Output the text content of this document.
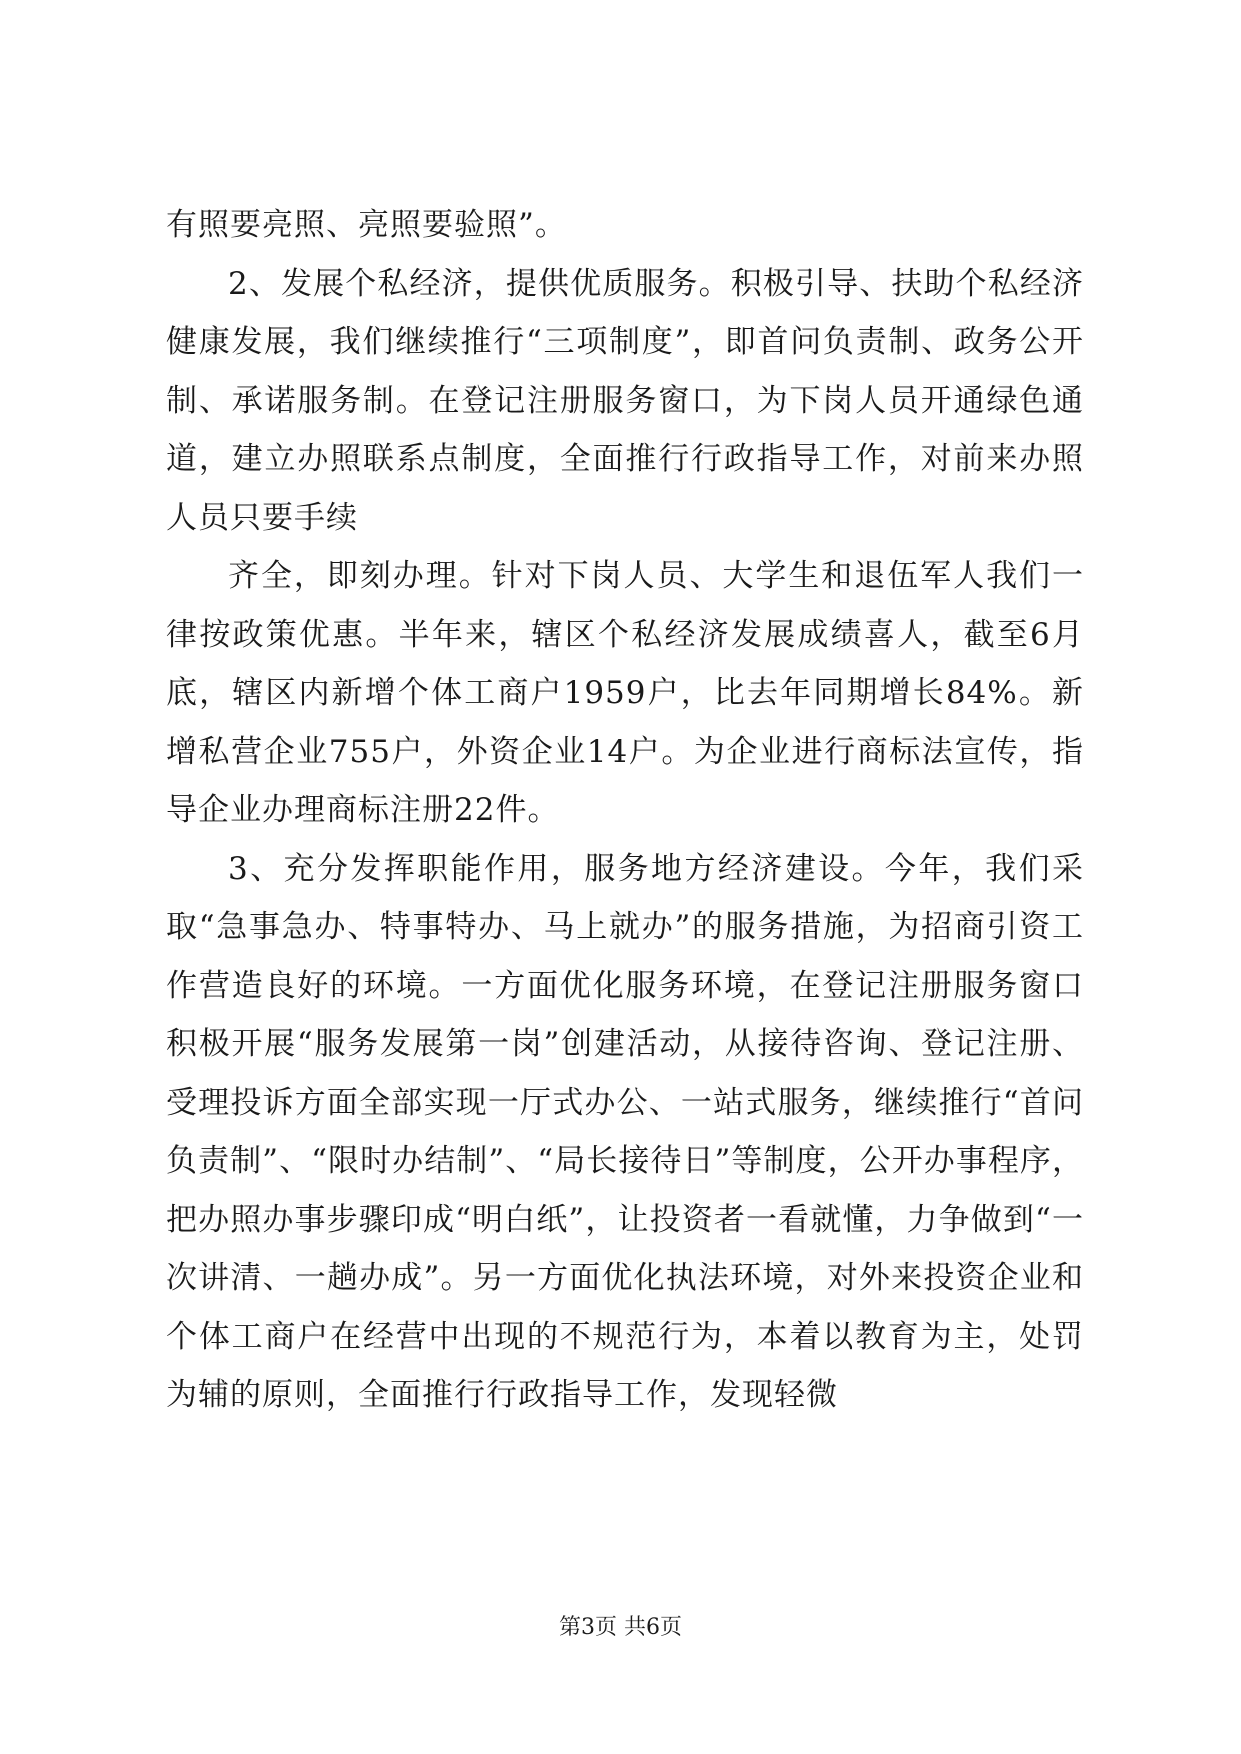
有照要亮照、亮照要验照”。

2、发展个私经济，提供优质服务。积极引导、扶助个私经济健康发展，我们继续推行“三项制度”，即首问负责制、政务公开制、承诺服务制。在登记注册服务窗口，为下岗人员开通绿色通道，建立办照联系点制度，全面推行行政指导工作，对前来办照人员只要手续

齐全，即刻办理。针对下岗人员、大学生和退伍军人我们一律按政策优惠。半年来，辖区个私经济发展成绩喜人，截至6月底，辖区内新增个体工商户1959户，比去年同期增长84%。新增私营企业755户，外资企业14户。为企业进行商标法宣传，指导企业办理商标注册22件。

3、充分发挥职能作用，服务地方经济建设。今年，我们采取“急事急办、特事特办、马上就办”的服务措施，为招商引资工作营造良好的环境。一方面优化服务环境，在登记注册服务窗口积极开展“服务发展第一岗”创建活动，从接待咨询、登记注册、受理投诉方面全部实现一厅式办公、一站式服务，继续推行“首问负责制”、“限时办结制”、“局长接待日”等制度，公开办事程序，把办照办事步骤印成“明白纸”，让投资者一看就懂，力争做到“一次讲清、一趟办成”。另一方面优化执法环境，对外来投资企业和个体工商户在经营中出现的不规范行为，本着以教育为主，处罚为辅的原则，全面推行行政指导工作，发现轻微

第3页 共6页
